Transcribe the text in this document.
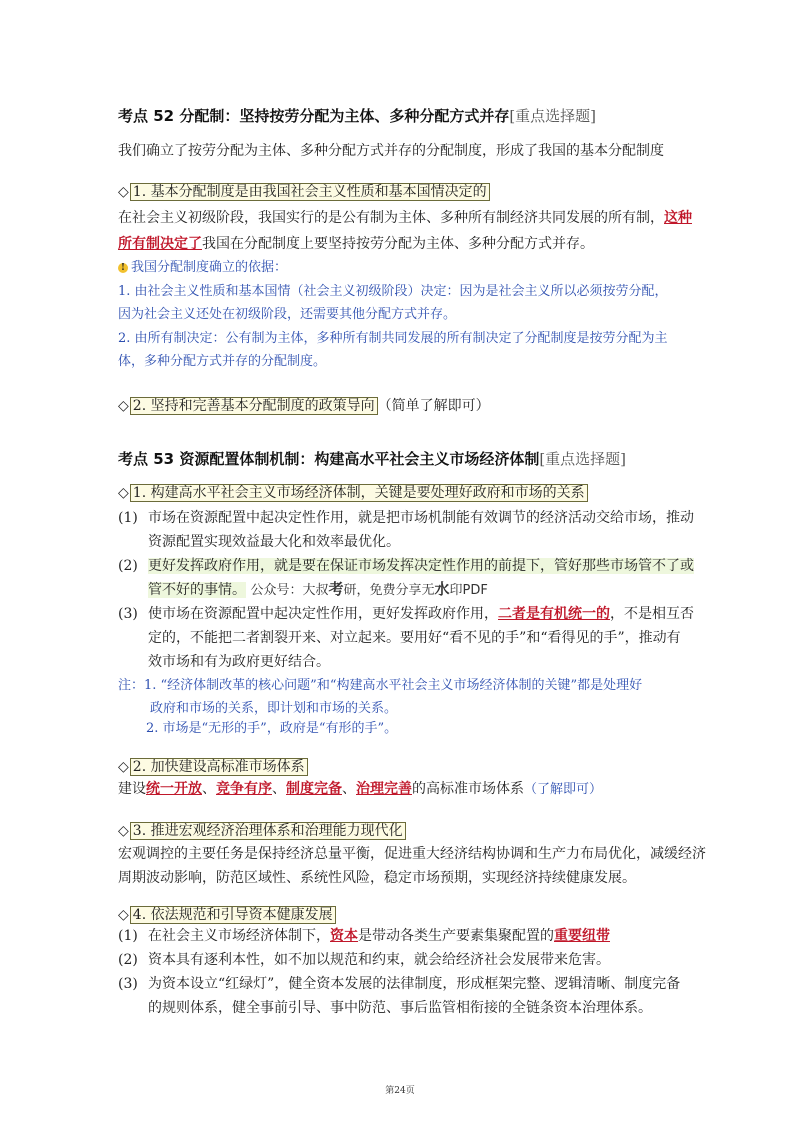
考点 52 分配制：坚持按劳分配为主体、多种分配方式并存[重点选择题]
我们确立了按劳分配为主体、多种分配方式并存的分配制度，形成了我国的基本分配制度
◇ 1. 基本分配制度是由我国社会主义性质和基本国情决定的
在社会主义初级阶段，我国实行的是公有制为主体、多种所有制经济共同发展的所有制，这种
所有制决定了我国在分配制度上要坚持按劳分配为主体、多种分配方式并存。
! 我国分配制度确立的依据：
1. 由社会主义性质和基本国情（社会主义初级阶段）决定：因为是社会主义所以必须按劳分配，
因为社会主义还处在初级阶段，还需要其他分配方式并存。
2. 由所有制决定：公有制为主体，多种所有制共同发展的所有制决定了分配制度是按劳分配为主
体，多种分配方式并存的分配制度。
◇ 2. 坚持和完善基本分配制度的政策导向 （简单了解即可）
考点 53 资源配置体制机制：构建高水平社会主义市场经济体制[重点选择题]
◇ 1. 构建高水平社会主义市场经济体制，关键是要处理好政府和市场的关系
(1) 市场在资源配置中起决定性作用，就是把市场机制能有效调节的经济活动交给市场，推动
资源配置实现效益最大化和效率最优化。
(2) 更好发挥政府作用，就是要在保证市场发挥决定性作用的前提下，管好那些市场管不了或
管不好的事情。 公众号：大叔考研，免费分享无水印PDF
(3) 使市场在资源配置中起决定性作用，更好发挥政府作用，二者是有机统一的，不是相互否
定的，不能把二者割裂开来、对立起来。要用好“看不见的手”和“看得见的手”，推动有
效市场和有为政府更好结合。
注：1. “经济体制改革的核心问题”和“构建高水平社会主义市场经济体制的关键”都是处理好
政府和市场的关系，即计划和市场的关系。
2. 市场是“无形的手”，政府是“有形的手”。
◇ 2. 加快建设高标准市场体系
建设统一开放、竞争有序、制度完备、治理完善的高标准市场体系（了解即可）
◇ 3. 推进宏观经济治理体系和治理能力现代化
宏观调控的主要任务是保持经济总量平衡，促进重大经济结构协调和生产力布局优化，减缓经济
周期波动影响，防范区域性、系统性风险，稳定市场预期，实现经济持续健康发展。
◇ 4. 依法规范和引导资本健康发展
(1) 在社会主义市场经济体制下，资本是带动各类生产要素集聚配置的重要纽带
(2) 资本具有逐利本性，如不加以规范和约束，就会给经济社会发展带来危害。
(3) 为资本设立“红绿灯”，健全资本发展的法律制度，形成框架完整、逻辑清晰、制度完备
的规则体系，健全事前引导、事中防范、事后监管相衔接的全链条资本治理体系。
第24页
